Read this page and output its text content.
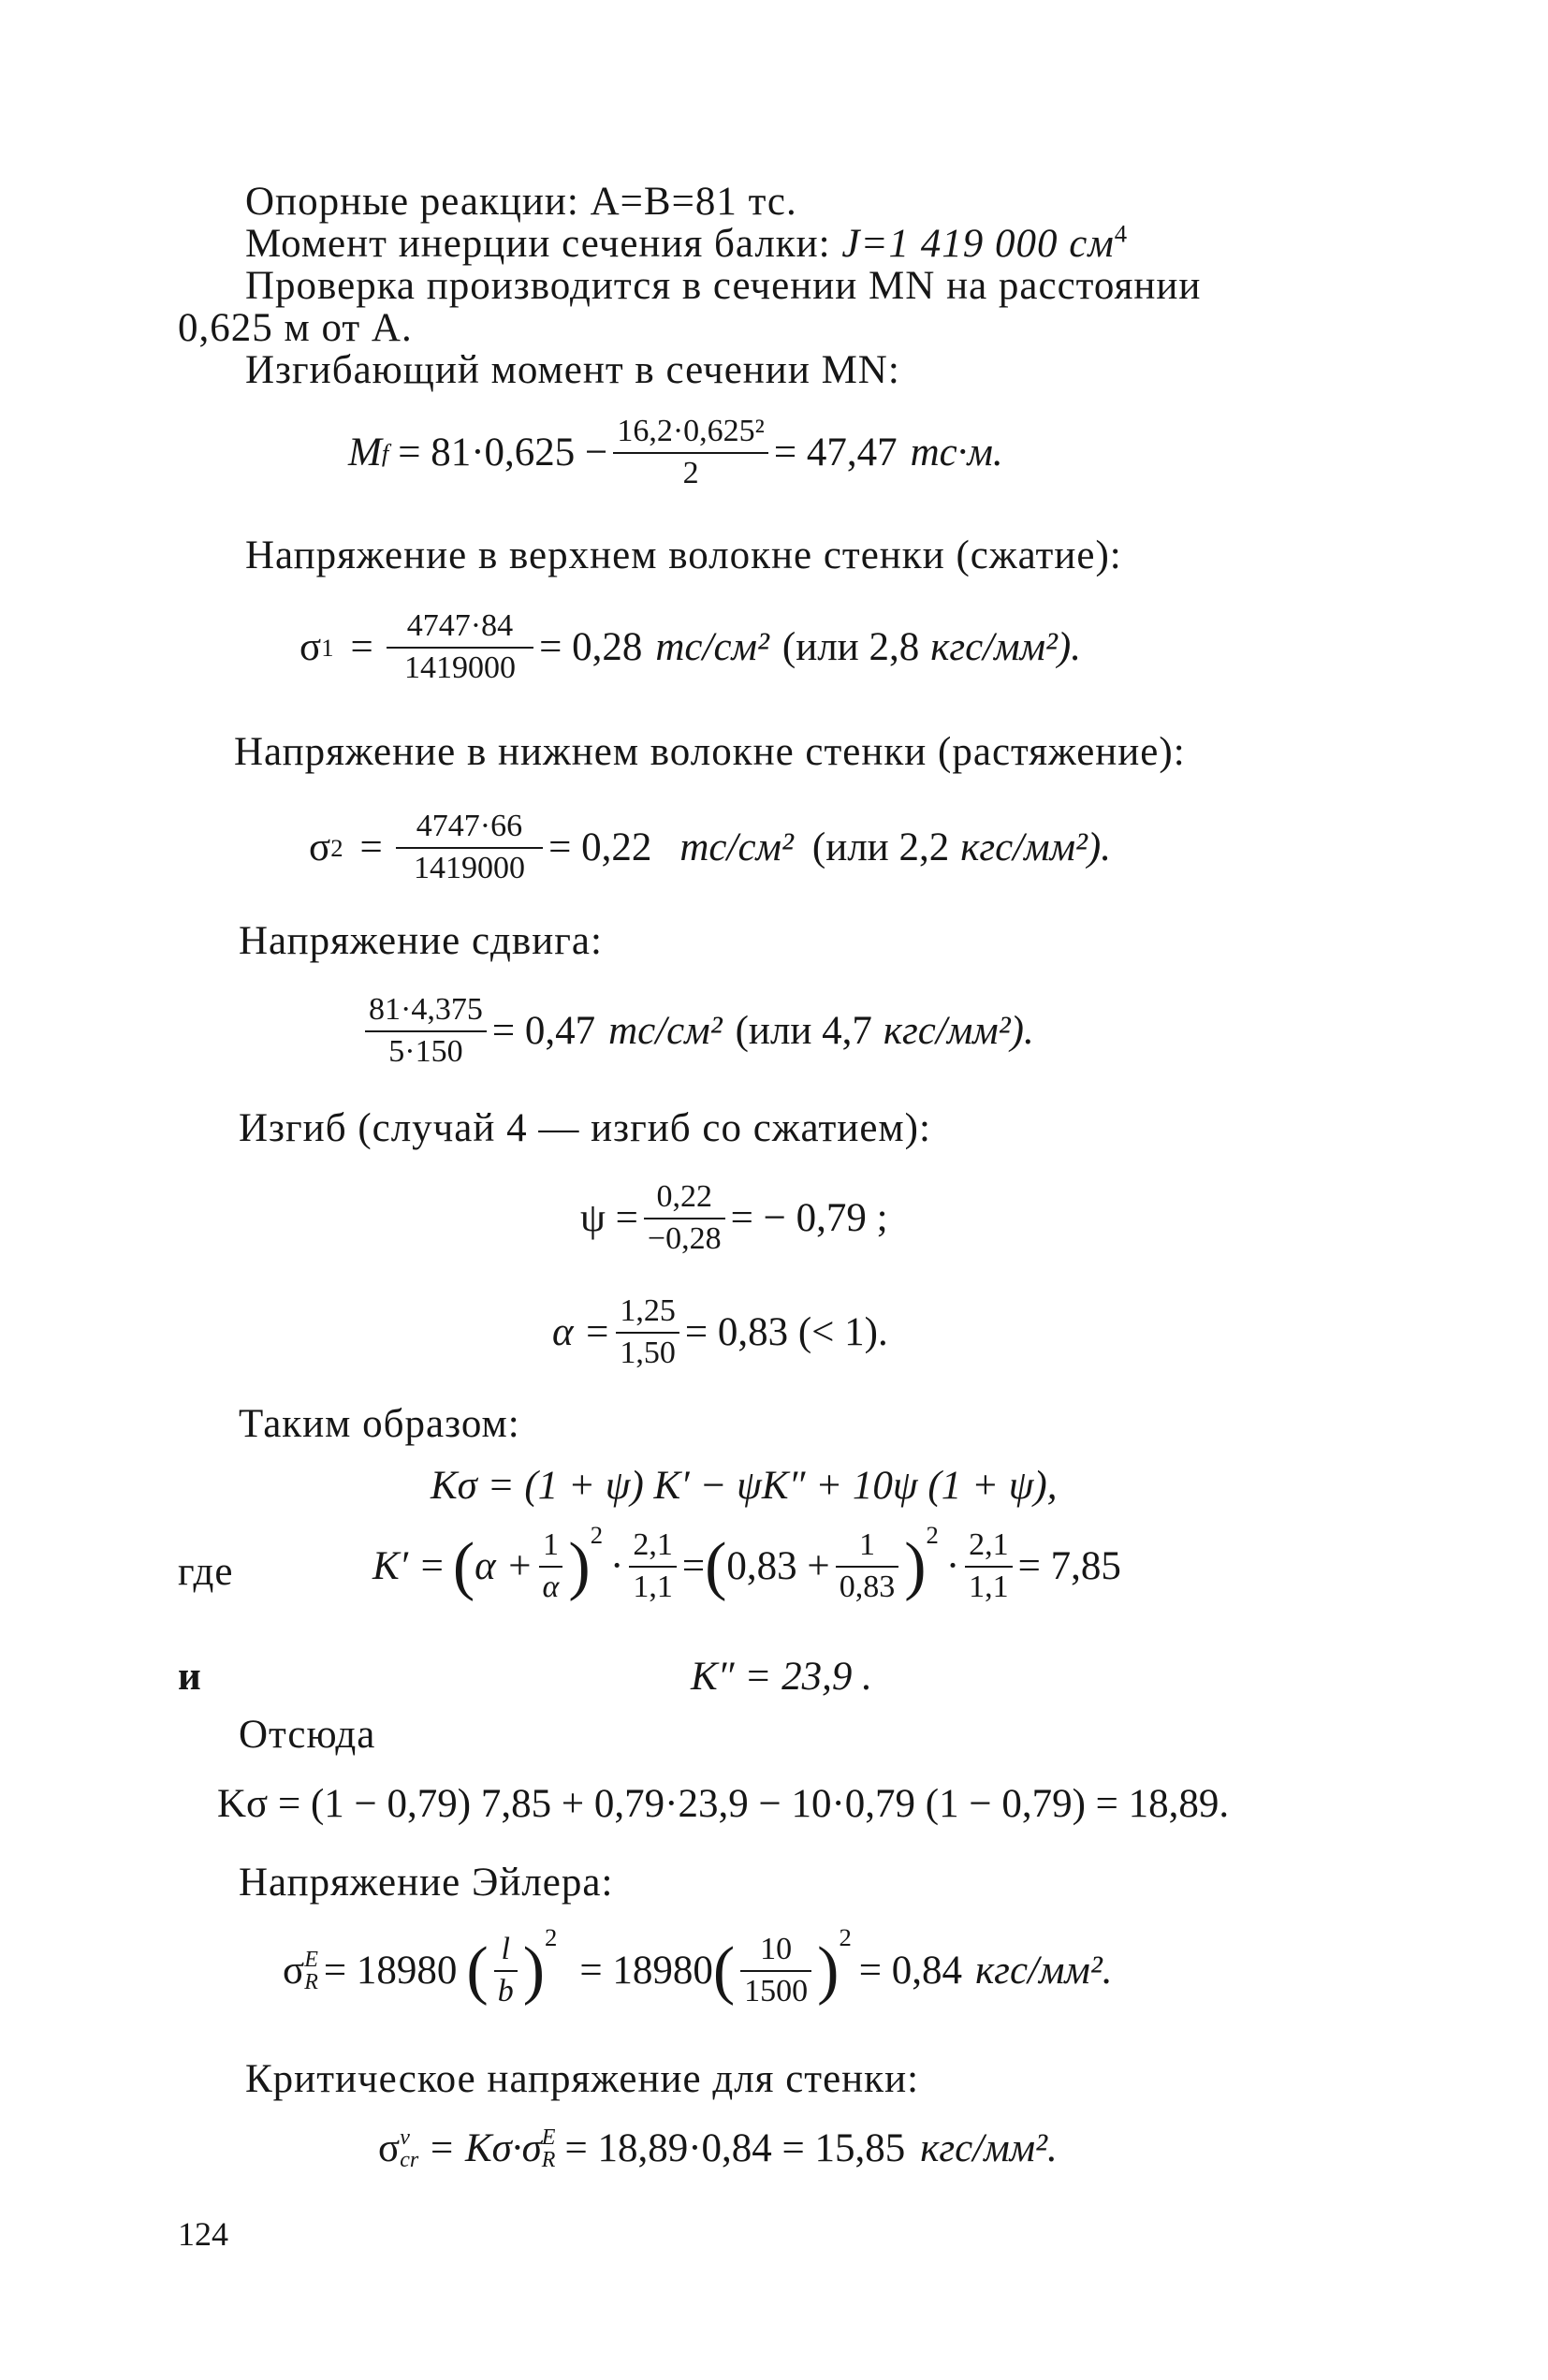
Опорные реакции: A=B=81 тс.
Момент инерции сечения балки: J=1 419 000 $см^4$
Проверка производится в сечении MN на расстоянии
0,625 м от A.
Изгибающий момент в сечении MN:
M $f = 81\cdot 0,625 - \frac{\text{16,2·0,625²}}{2} = 47,47$ тс·м.
Напряжение в верхнем волокне стенки (сжатие):
σ $1 = \frac{4747\cdot 84}{1419000} = 0,28$ тс/см² (или 2,8 кгс/мм²).
Напряжение в нижнем волокне стенки (растяжение):
σ $2 = \frac{4747\cdot 66}{1419000} = 0,22$ тс/см² (или 2,2 кгс/мм²).
Напряжение сдвига:
$\frac{81\cdot 4,375}{5\cdot 150} = 0,47$ тс/см² (или 4,7 кгс/мм²).
Изгиб (случай 4 — изгиб со сжатием):
$\psi = \frac{0,22}{-0,28}$ = − 0,79 ;
$\alpha = \frac{1,25}{1,50} = 0,83$ (< 1).
Таким образом:
Kσ = (1 + ψ) K′ − ψK″ + 10ψ (1 + ψ),
где	K′ = ( $\alpha + \frac{1}{\alpha}$ ) 2
· $\frac{2,1}{1,1}$ = ( $0,83 + \frac{1}{0,83}$ ) 2
· $\frac{2,1}{1,1} = 7,85$
и	K″ = 23,9 .
Отсюда
Kσ = (1 − 0,79) 7,85 + 0,79·23,9 − 10·0,79 (1 − 0,79) = 18,89.
Напряжение Эйлера:
σ E
R = 18980 ( $\frac{l}{b}$ ) 2
= 18980 ( $\frac{10}{1500}$ ) 2
= 0,84 кгс/мм².
Критическое напряжение для стенки:
σ v
cr = Kσ·σ E
R = 18,89·0,84 = 15,85 кгс/мм².
124
